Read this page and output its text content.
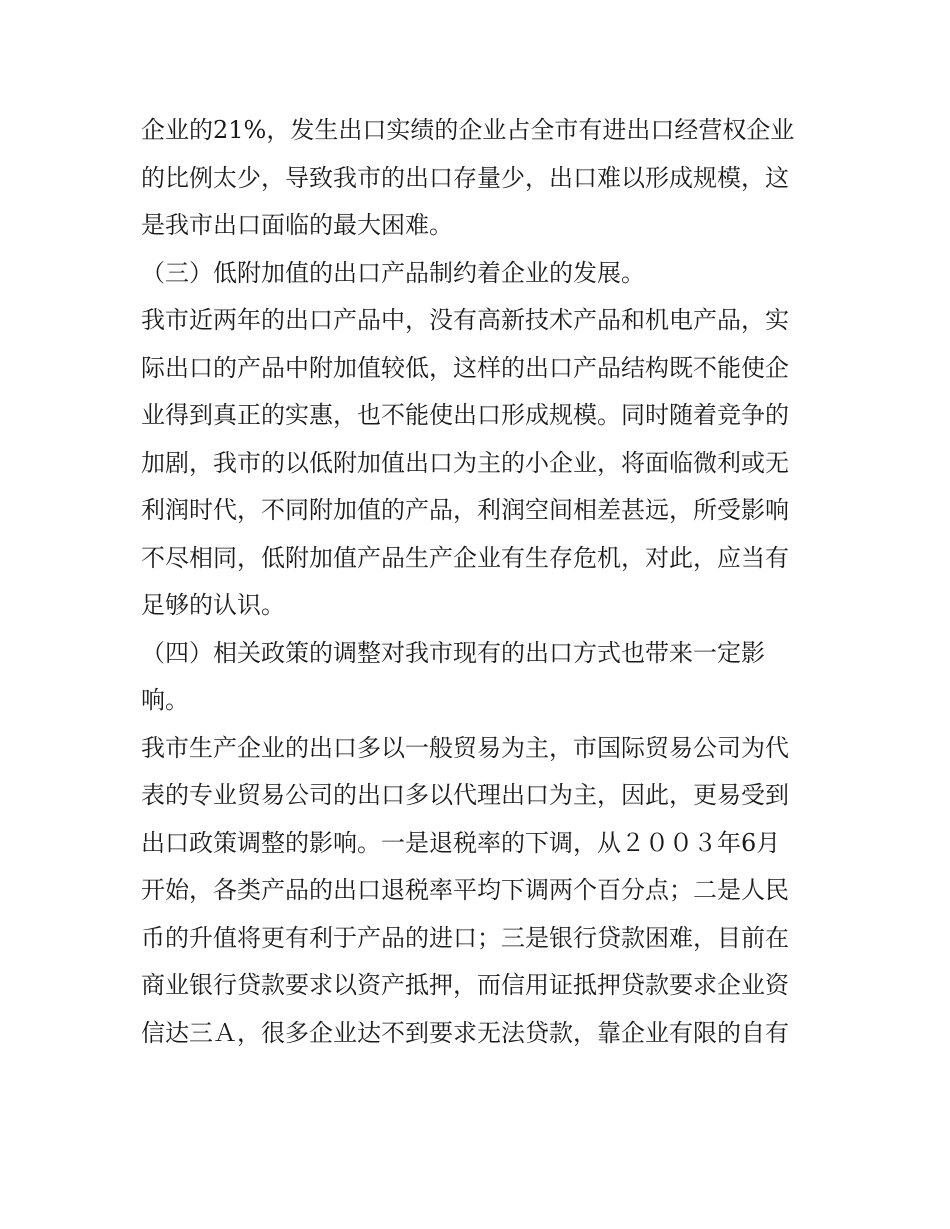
企业的21%，发生出口实绩的企业占全市有进出口经营权企业
的比例太少，导致我市的出口存量少，出口难以形成规模，这
是我市出口面临的最大困难。
（三）低附加值的出口产品制约着企业的发展。
我市近两年的出口产品中，没有高新技术产品和机电产品，实
际出口的产品中附加值较低，这样的出口产品结构既不能使企
业得到真正的实惠，也不能使出口形成规模。同时随着竞争的
加剧，我市的以低附加值出口为主的小企业，将面临微利或无
利润时代，不同附加值的产品，利润空间相差甚远，所受影响
不尽相同，低附加值产品生产企业有生存危机，对此，应当有
足够的认识。
（四）相关政策的调整对我市现有的出口方式也带来一定影
响。
我市生产企业的出口多以一般贸易为主，市国际贸易公司为代
表的专业贸易公司的出口多以代理出口为主，因此，更易受到
出口政策调整的影响。一是退税率的下调，从２００３年6月
开始，各类产品的出口退税率平均下调两个百分点；二是人民
币的升值将更有利于产品的进口；三是银行贷款困难，目前在
商业银行贷款要求以资产抵押，而信用证抵押贷款要求企业资
信达三Ａ，很多企业达不到要求无法贷款，靠企业有限的自有
